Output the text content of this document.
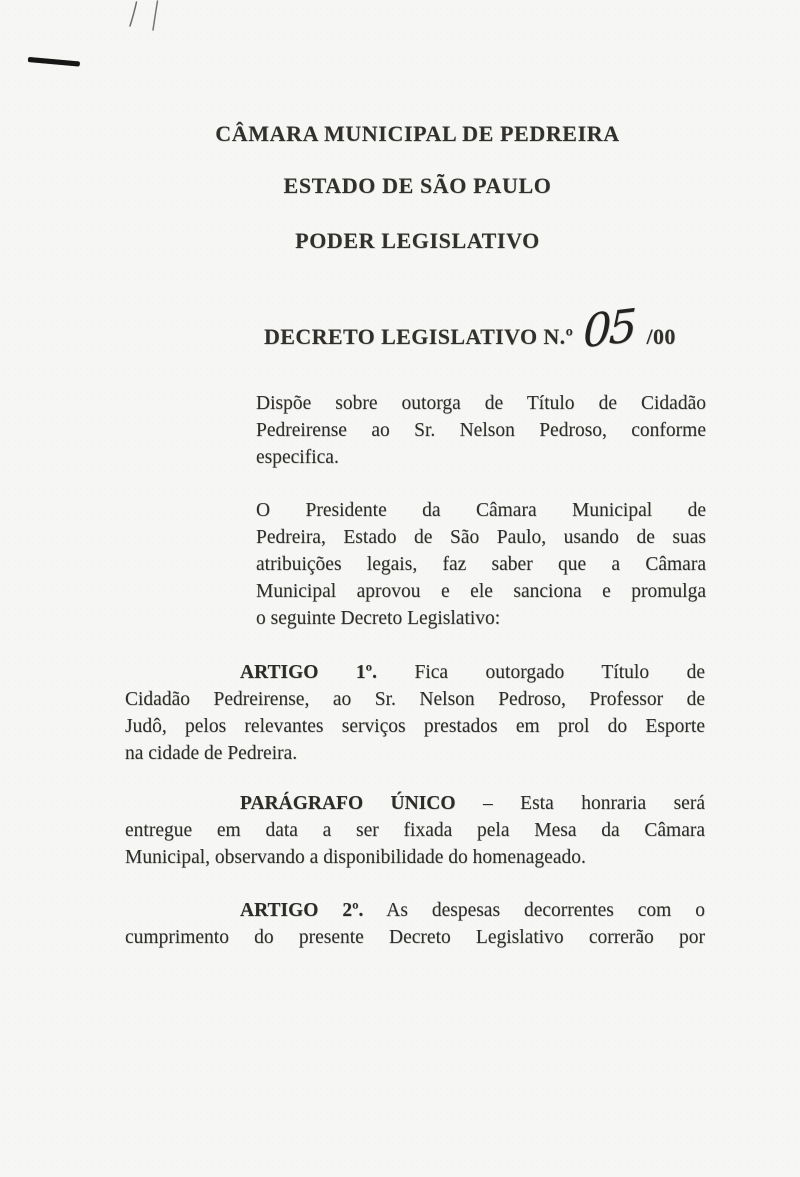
CÂMARA MUNICIPAL DE PEDREIRA
ESTADO DE SÃO PAULO
PODER LEGISLATIVO
DECRETO LEGISLATIVO N.º 05 /00
Dispõe sobre outorga de Título de Cidadão
Pedreirense ao Sr. Nelson Pedroso, conforme
especifica.
O Presidente da Câmara Municipal de
Pedreira, Estado de São Paulo, usando de suas
atribuições legais, faz saber que a Câmara
Municipal aprovou e ele sanciona e promulga
o seguinte Decreto Legislativo:
ARTIGO 1º. Fica outorgado Título de
Cidadão Pedreirense, ao Sr. Nelson Pedroso, Professor de
Judô, pelos relevantes serviços prestados em prol do Esporte
na cidade de Pedreira.
PARÁGRAFO ÚNICO – Esta honraria será
entregue em data a ser fixada pela Mesa da Câmara
Municipal, observando a disponibilidade do homenageado.
ARTIGO 2º. As despesas decorrentes com o
cumprimento do presente Decreto Legislativo correrão por
